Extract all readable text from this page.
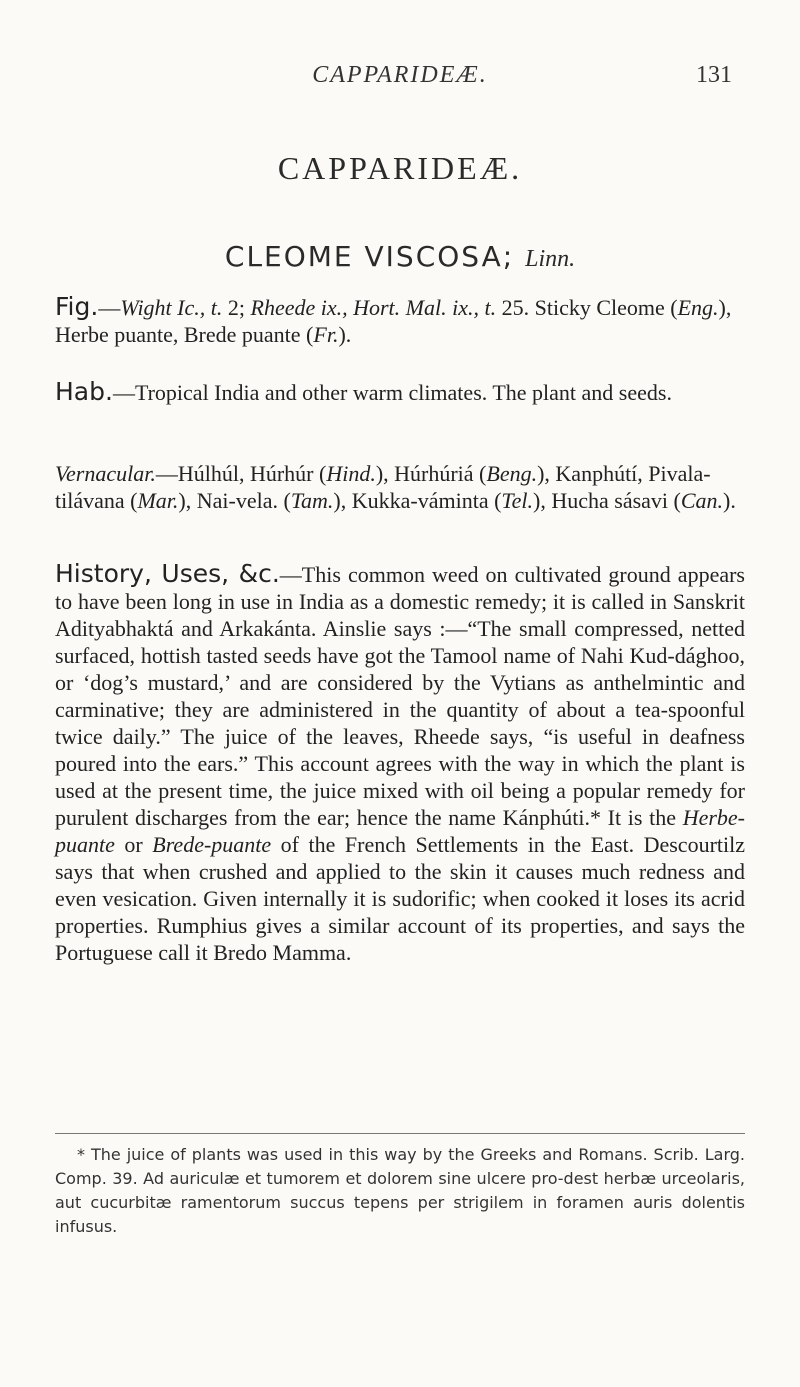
CAPPARIDEÆ.	131
CAPPARIDEÆ.
CLEOME VISCOSA; Linn.
Fig.—Wight Ic., t. 2; Rheede ix., Hort. Mal. ix., t. 25. Sticky Cleome (Eng.), Herbe puante, Brede puante (Fr.).
Hab.—Tropical India and other warm climates. The plant and seeds.
Vernacular.—Húlhúl, Húrhúr (Hind.), Húrhúriá (Beng.), Kanphútí, Pivala-tilávana (Mar.), Nai-vela. (Tam.), Kukka-váminta (Tel.), Hucha sásavi (Can.).
History, Uses, &c.—This common weed on cultivated ground appears to have been long in use in India as a domestic remedy; it is called in Sanskrit Adityabhaktá and Arkakánta. Ainslie says :—“The small compressed, netted surfaced, hottish tasted seeds have got the Tamool name of Nahi Kud-dághoo, or ‘dog’s mustard,’ and are considered by the Vytians as anthelmintic and carminative; they are administered in the quantity of about a tea-spoonful twice daily.” The juice of the leaves, Rheede says, “is useful in deafness poured into the ears.” This account agrees with the way in which the plant is used at the present time, the juice mixed with oil being a popular remedy for purulent discharges from the ear; hence the name Kánphúti.* It is the Herbe-puante or Brede-puante of the French Settlements in the East. Descourtilz says that when crushed and applied to the skin it causes much redness and even vesication. Given internally it is sudorific; when cooked it loses its acrid properties. Rumphius gives a similar account of its properties, and says the Portuguese call it Bredo Mamma.
* The juice of plants was used in this way by the Greeks and Romans. Scrib. Larg. Comp. 39. Ad auriculæ et tumorem et dolorem sine ulcere pro-dest herbæ urceolaris, aut cucurbitæ ramentorum succus tepens per strigilem in foramen auris dolentis infusus.
